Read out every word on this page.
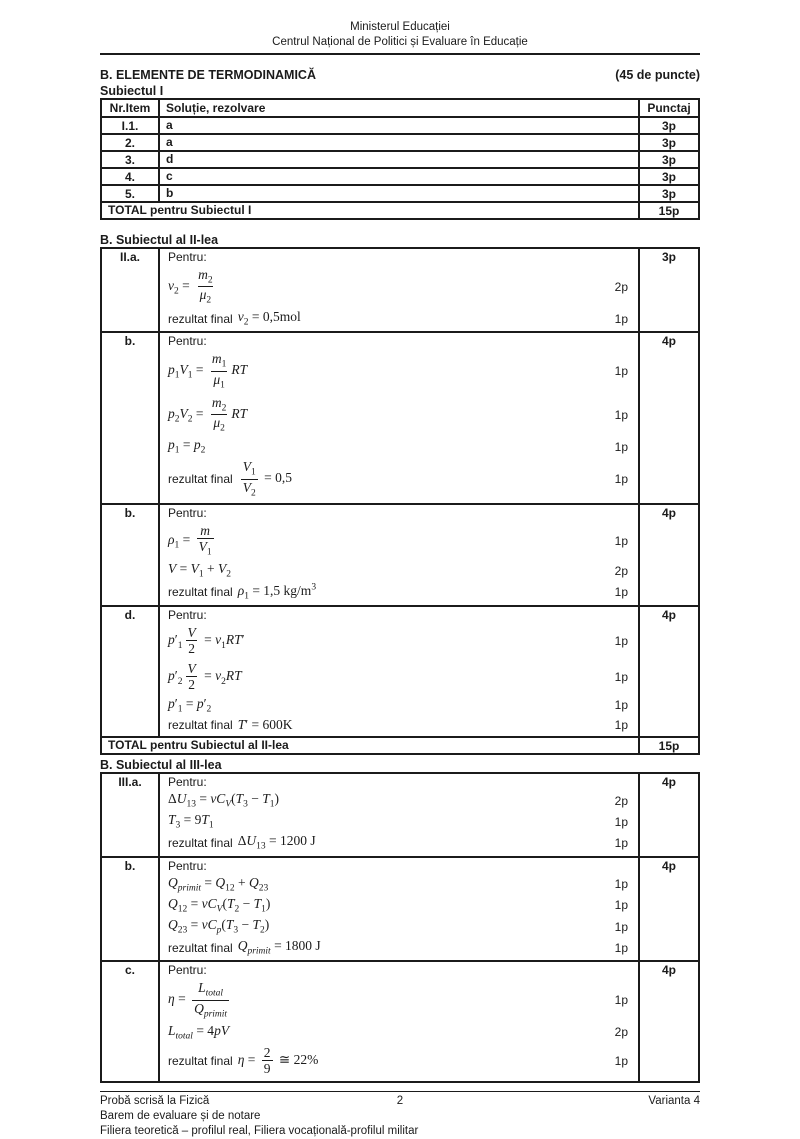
Ministerul Educației
Centrul Național de Politici și Evaluare în Educație
B. ELEMENTE DE TERMODINAMICĂ	(45 de puncte)
Subiectul I
Nr.Item	Soluție, rezolvare	Punctaj
I.1.	a	3p
2.	a	3p
3.	d	3p
4.	c	3p
5.	b	3p
TOTAL pentru Subiectul I		15p
B. Subiectul al II-lea
II.a.	Pentru:
$\nu_2 = \frac{m_2}{\mu_2}$	2p
rezultat final $\nu_2 = 0,5mol$	1p
	3p
b.	Pentru:
$p_1V_1 = \frac{m_1}{\mu_1}$ RT	1p
$p_2V_2 = \frac{m_2}{\mu_2}$ RT	1p
$p_1 = p_2$	1p
rezultat final $\frac{V_1}{V_2} = 0,5$	1p
	4p
b.	Pentru:
$\rho_1 = \frac{m}{V_1}$	1p
$V = V_1 + V_2$	2p
rezultat final $\rho_1 = 1,5$ $kg/m^3$	1p
	4p
d.	Pentru:
$p'_1 \frac{V}{2} = \nu_1RT'$	1p
$p'_2 \frac{V}{2} = \nu_2RT$	1p
$p'_1 = p'_2$	1p
rezultat final T′ = 600K	1p
	4p
TOTAL pentru Subiectul al II-lea		15p
B. Subiectul al III-lea
III.a.	Pentru:
$\Delta U_{13} = \nu C_V(T_3 - T_1)$	2p
$T_3 = 9T_1$	1p
rezultat final $\Delta U_{13} = 1200$ J	1p
	4p
b.	Pentru:
$Q_{primit} = Q_{12} + Q_{23}$	1p
$Q_{12} = \nu C_V(T_2 - T_1)$	1p
$Q_{23} = \nu C_p(T_3 - T_2)$	1p
rezultat final $Q_{primit} = 1800$ J	1p
	4p
c.	Pentru:
$\eta = \frac{L_{total}}{Q_{primit}}$	1p
$L_{total} = 4pV$	2p
rezultat final $\eta = \frac{2}{9}$ ≅ 22%	1p
	4p
Probă scrisă la Fizică	2	Varianta 4
Barem de evaluare și de notare
Filiera teoretică – profilul real, Filiera vocațională-profilul militar
